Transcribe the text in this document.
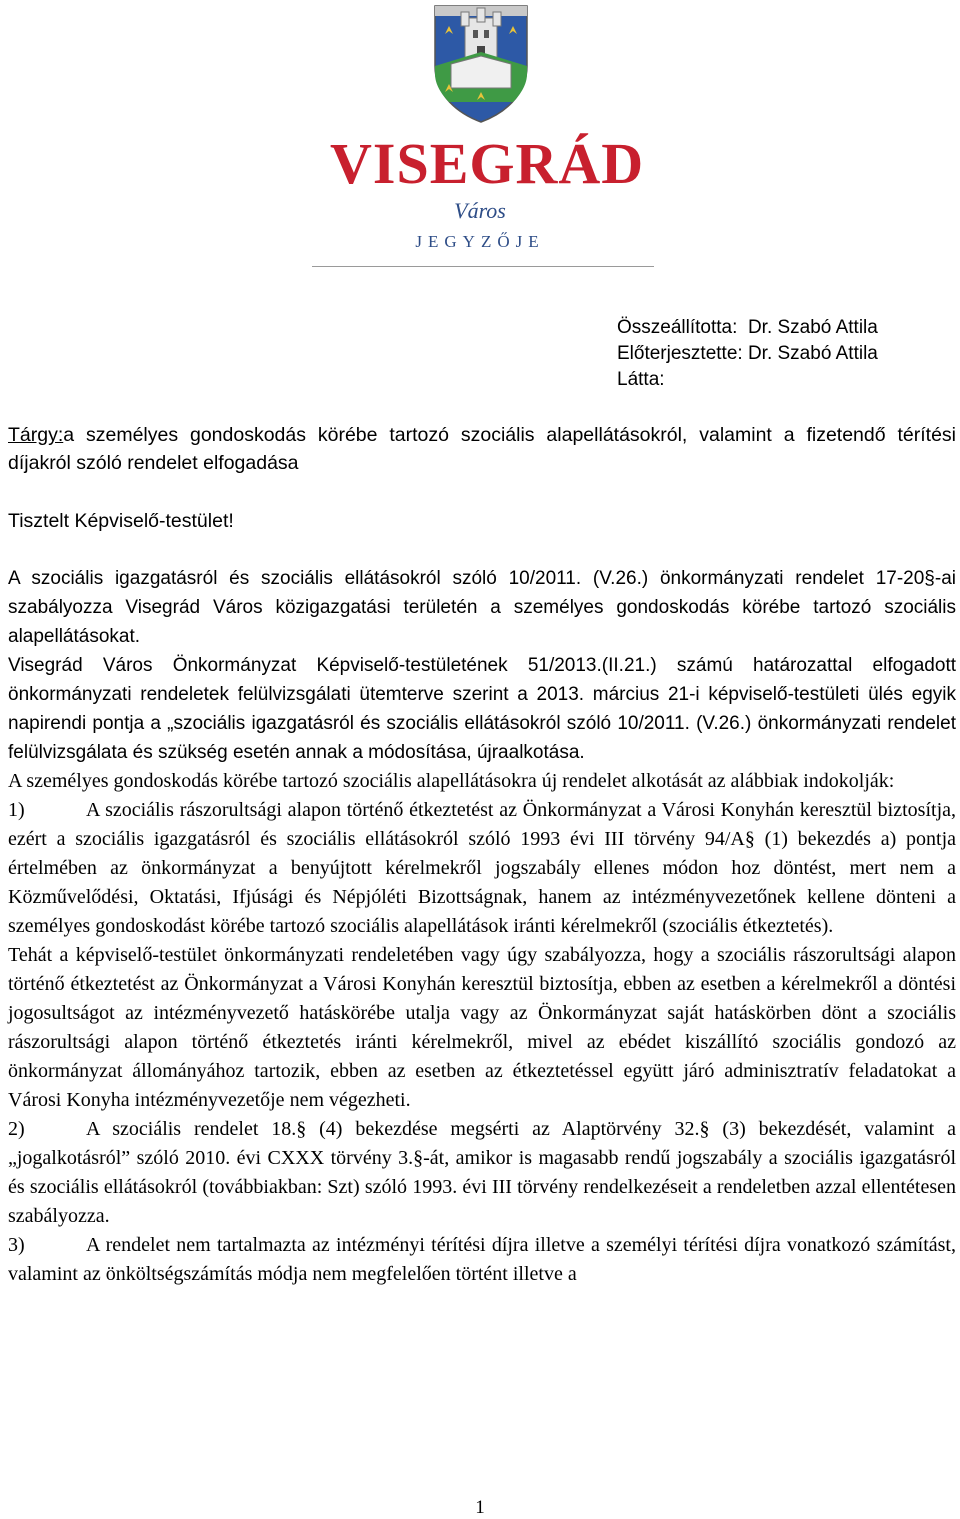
VISEGRÁD
Város
JEGYZŐJE
Összeállította:  Dr. Szabó Attila
Előterjesztette: Dr. Szabó Attila
Látta:
Tárgy:a személyes gondoskodás körébe tartozó szociális alapellátásokról, valamint a fizetendő térítési díjakról szóló rendelet elfogadása
Tisztelt Képviselő-testület!

A szociális igazgatásról és szociális ellátásokról szóló 10/2011. (V.26.) önkormányzati rendelet 17-20§-ai szabályozza Visegrád Város közigazgatási területén a személyes gondoskodás körébe tartozó szociális alapellátásokat.

Visegrád Város Önkormányzat Képviselő-testületének 51/2013.(II.21.) számú határozattal elfogadott önkormányzati rendeletek felülvizsgálati ütemterve szerint a 2013. március 21-i képviselő-testületi ülés egyik napirendi pontja a „szociális igazgatásról és szociális ellátásokról szóló 10/2011. (V.26.) önkormányzati rendelet felülvizsgálata és szükség esetén annak a módosítása, újraalkotása.

A személyes gondoskodás körébe tartozó szociális alapellátásokra új rendelet alkotását az alábbiak indokolják:

1)	A szociális rászorultsági alapon történő étkeztetést az Önkormányzat a Városi Konyhán keresztül biztosítja, ezért a szociális igazgatásról és szociális ellátásokról szóló 1993 évi III törvény 94/A§ (1) bekezdés a) pontja értelmében az önkormányzat a benyújtott kérelmekről jogszabály ellenes módon hoz döntést, mert nem a Közművelődési, Oktatási, Ifjúsági és Népjóléti Bizottságnak, hanem az intézményvezetőnek kellene dönteni a személyes gondoskodást körébe tartozó szociális alapellátások iránti kérelmekről (szociális étkeztetés).

Tehát a képviselő-testület önkormányzati rendeletében vagy úgy szabályozza, hogy a szociális rászorultsági alapon történő étkeztetést az Önkormányzat a Városi Konyhán keresztül biztosítja, ebben az esetben a kérelmekről a döntési jogosultságot az intézményvezető hatáskörébe utalja vagy az Önkormányzat saját hatáskörben dönt a szociális rászorultsági alapon történő étkeztetés iránti kérelmekről, mivel az ebédet kiszállító szociális gondozó az önkormányzat állományához tartozik, ebben az esetben az étkeztetéssel együtt járó adminisztratív feladatokat a Városi Konyha intézményvezetője nem végezheti.

2)	A szociális rendelet 18.§ (4) bekezdése megsérti az Alaptörvény 32.§ (3) bekezdését, valamint a „jogalkotásról” szóló 2010. évi CXXX törvény 3.§-át, amikor is magasabb rendű jogszabály a szociális igazgatásról és szociális ellátásokról (továbbiakban: Szt) szóló 1993. évi III törvény rendelkezéseit a rendeletben azzal ellentétesen szabályozza.
3)	A rendelet nem tartalmazta az intézményi térítési díjra illetve a személyi térítési díjra vonatkozó számítást, valamint az önköltségszámítás módja nem megfelelően történt illetve a
1
